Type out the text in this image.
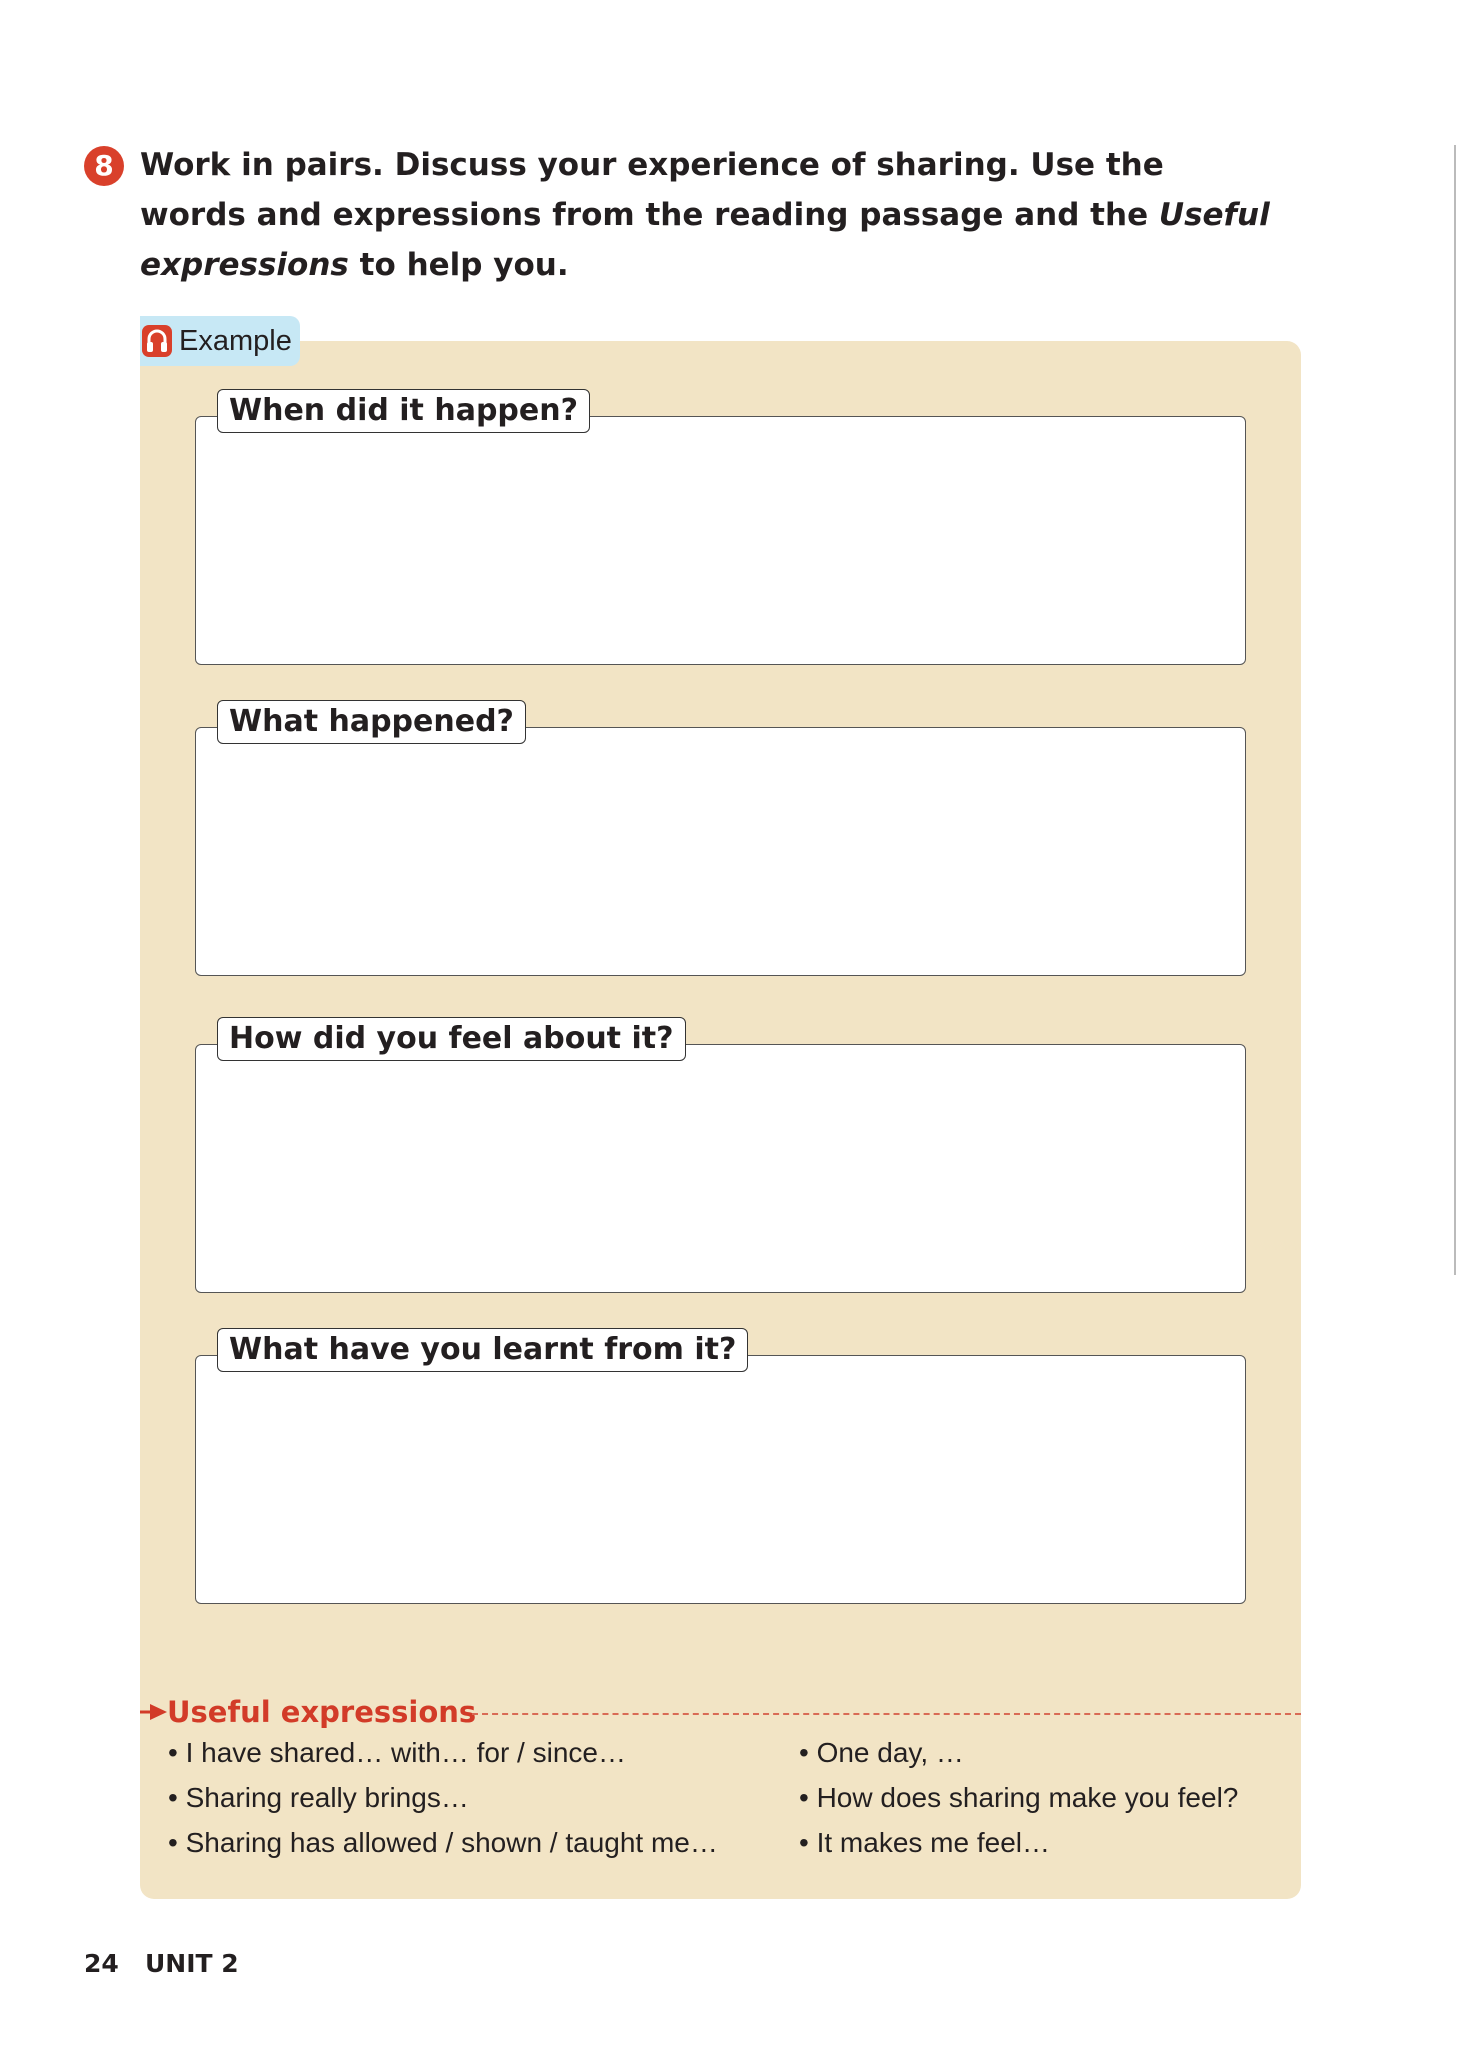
8 Work in pairs. Discuss your experience of sharing. Use the words and expressions from the reading passage and the Useful expressions to help you.
Example
When did it happen?
What happened?
How did you feel about it?
What have you learnt from it?
Useful expressions
• I have shared… with… for / since…
• Sharing really brings…
• Sharing has allowed / shown / taught me…
• One day, …
• How does sharing make you feel?
• It makes me feel…
24 UNIT 2
